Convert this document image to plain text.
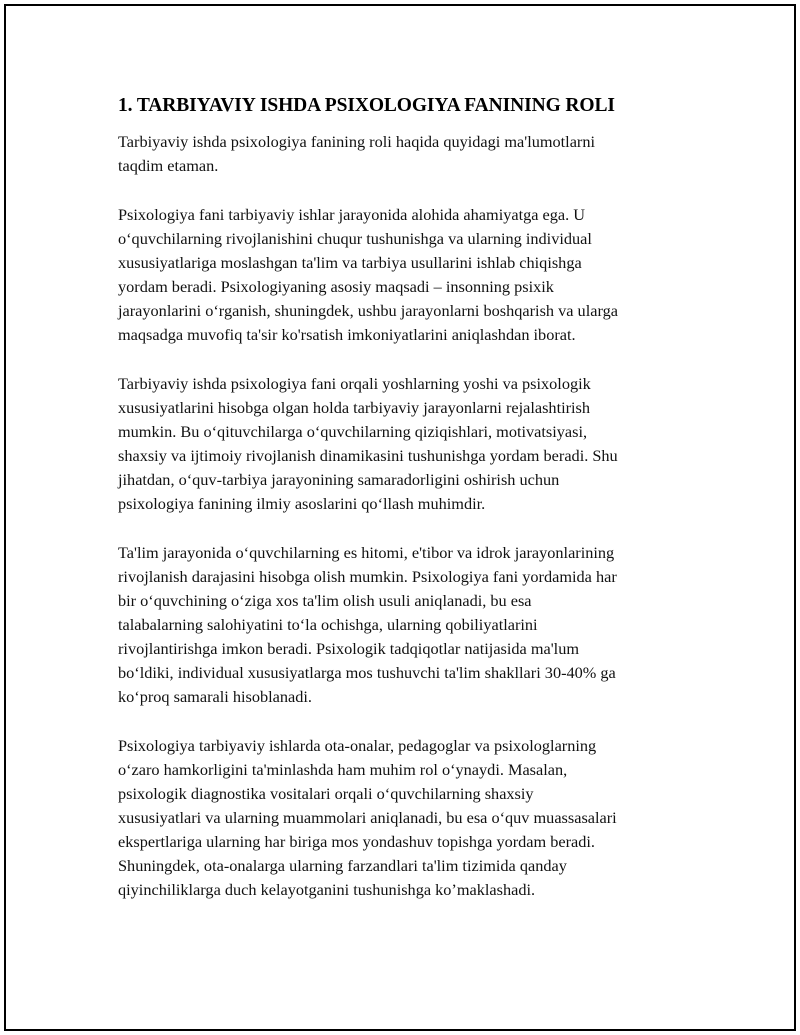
1. TARBIYAVIY ISHDA PSIXOLOGIYA FANINING ROLI

Tarbiyaviy ishda psixologiya fanining roli haqida quyidagi ma'lumotlarni
taqdim etaman.

Psixologiya fani tarbiyaviy ishlar jarayonida alohida ahamiyatga ega. U
o‘quvchilarning rivojlanishini chuqur tushunishga va ularning individual
xususiyatlariga moslashgan ta'lim va tarbiya usullarini ishlab chiqishga
yordam beradi. Psixologiyaning asosiy maqsadi – insonning psixik
jarayonlarini o‘rganish, shuningdek, ushbu jarayonlarni boshqarish va ularga
maqsadga muvofiq ta'sir ko'rsatish imkoniyatlarini aniqlashdan iborat.

Tarbiyaviy ishda psixologiya fani orqali yoshlarning yoshi va psixologik
xususiyatlarini hisobga olgan holda tarbiyaviy jarayonlarni rejalashtirish
mumkin. Bu o‘qituvchilarga o‘quvchilarning qiziqishlari, motivatsiyasi,
shaxsiy va ijtimoiy rivojlanish dinamikasini tushunishga yordam beradi. Shu
jihatdan, o‘quv-tarbiya jarayonining samaradorligini oshirish uchun
psixologiya fanining ilmiy asoslarini qo‘llash muhimdir.

Ta'lim jarayonida o‘quvchilarning es hitomi, e'tibor va idrok jarayonlarining
rivojlanish darajasini hisobga olish mumkin. Psixologiya fani yordamida har
bir o‘quvchining o‘ziga xos ta'lim olish usuli aniqlanadi, bu esa
talabalarning salohiyatini to‘la ochishga, ularning qobiliyatlarini
rivojlantirishga imkon beradi. Psixologik tadqiqotlar natijasida ma'lum
bo‘ldiki, individual xususiyatlarga mos tushuvchi ta'lim shakllari 30-40% ga
ko‘proq samarali hisoblanadi.

Psixologiya tarbiyaviy ishlarda ota-onalar, pedagoglar va psixologlarning
o‘zaro hamkorligini ta'minlashda ham muhim rol o‘ynaydi. Masalan,
psixologik diagnostika vositalari orqali o‘quvchilarning shaxsiy
xususiyatlari va ularning muammolari aniqlanadi, bu esa o‘quv muassasalari
ekspertlariga ularning har biriga mos yondashuv topishga yordam beradi.
Shuningdek, ota-onalarga ularning farzandlari ta'lim tizimida qanday
qiyinchiliklarga duch kelayotganini tushunishga ko’maklashadi.
